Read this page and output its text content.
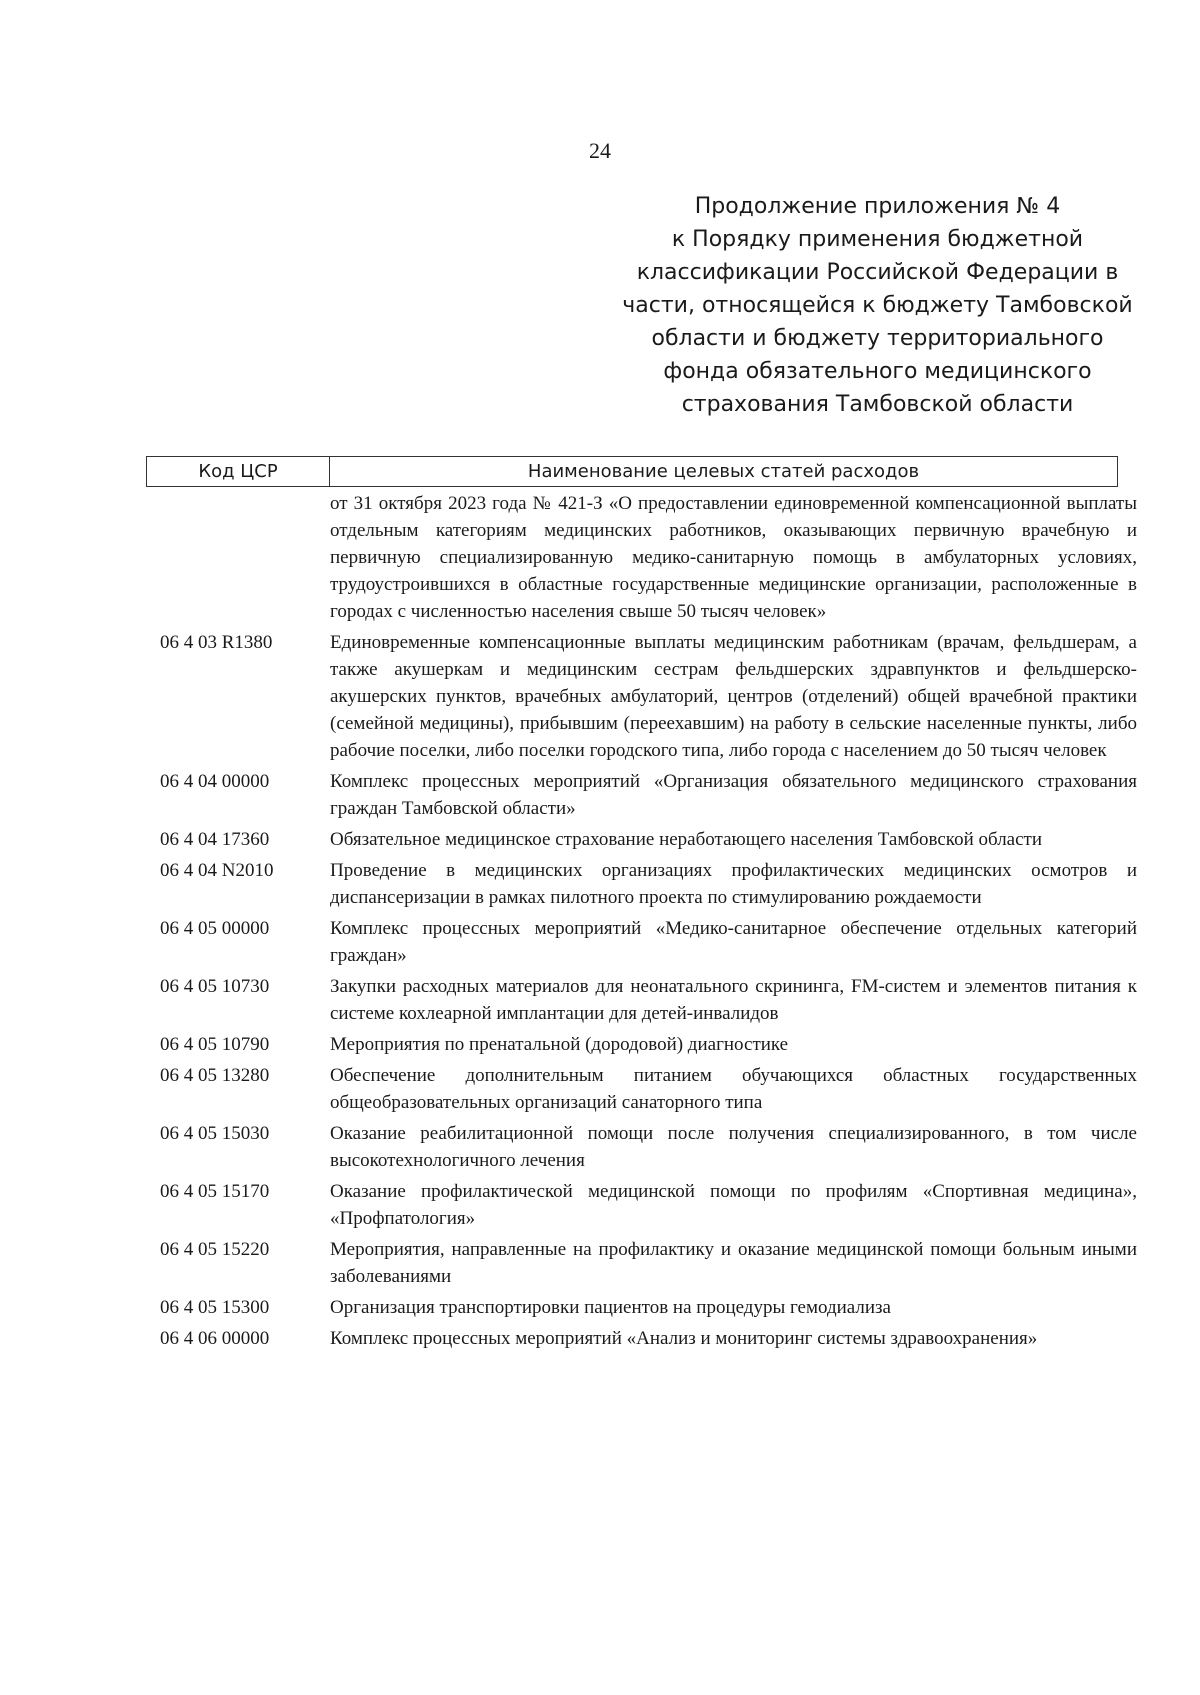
24
Продолжение приложения № 4
к Порядку применения бюджетной
классификации Российской Федерации в
части, относящейся к бюджету Тамбовской
области и бюджету территориального
фонда обязательного медицинского
страхования Тамбовской области
Код ЦСР	Наименование целевых статей расходов
от 31 октября 2023 года № 421-З «О предоставлении единовременной компенсационной выплаты отдельным категориям медицинских работников, оказывающих первичную врачебную и первичную специализированную медико-санитарную помощь в амбулаторных условиях, трудоустроившихся в областные государственные медицинские организации, расположенные в городах с численностью населения свыше 50 тысяч человек»
06 4 03 R1380	Единовременные компенсационные выплаты медицинским работникам (врачам, фельдшерам, а также акушеркам и медицинским сестрам фельдшерских здравпунктов и фельдшерско-акушерских пунктов, врачебных амбулаторий, центров (отделений) общей врачебной практики (семейной медицины), прибывшим (переехавшим) на работу в сельские населенные пункты, либо рабочие поселки, либо поселки городского типа, либо города с населением до 50 тысяч человек
06 4 04 00000	Комплекс процессных мероприятий «Организация обязательного медицинского страхования граждан Тамбовской области»
06 4 04 17360	Обязательное медицинское страхование неработающего населения Тамбовской области
06 4 04 N2010	Проведение в медицинских организациях профилактических медицинских осмотров и диспансеризации в рамках пилотного проекта по стимулированию рождаемости
06 4 05 00000	Комплекс процессных мероприятий «Медико-санитарное обеспечение отдельных категорий граждан»
06 4 05 10730	Закупки расходных материалов для неонатального скрининга, FM-систем и элементов питания к системе кохлеарной имплантации для детей-инвалидов
06 4 05 10790	Мероприятия по пренатальной (дородовой) диагностике
06 4 05 13280	Обеспечение дополнительным питанием обучающихся областных государственных общеобразовательных организаций санаторного типа
06 4 05 15030	Оказание реабилитационной помощи после получения специализированного, в том числе высокотехнологичного лечения
06 4 05 15170	Оказание профилактической медицинской помощи по профилям «Спортивная медицина», «Профпатология»
06 4 05 15220	Мероприятия, направленные на профилактику и оказание медицинской помощи больным иными заболеваниями
06 4 05 15300	Организация транспортировки пациентов на процедуры гемодиализа
06 4 06 00000	Комплекс процессных мероприятий «Анализ и мониторинг системы здравоохранения»
